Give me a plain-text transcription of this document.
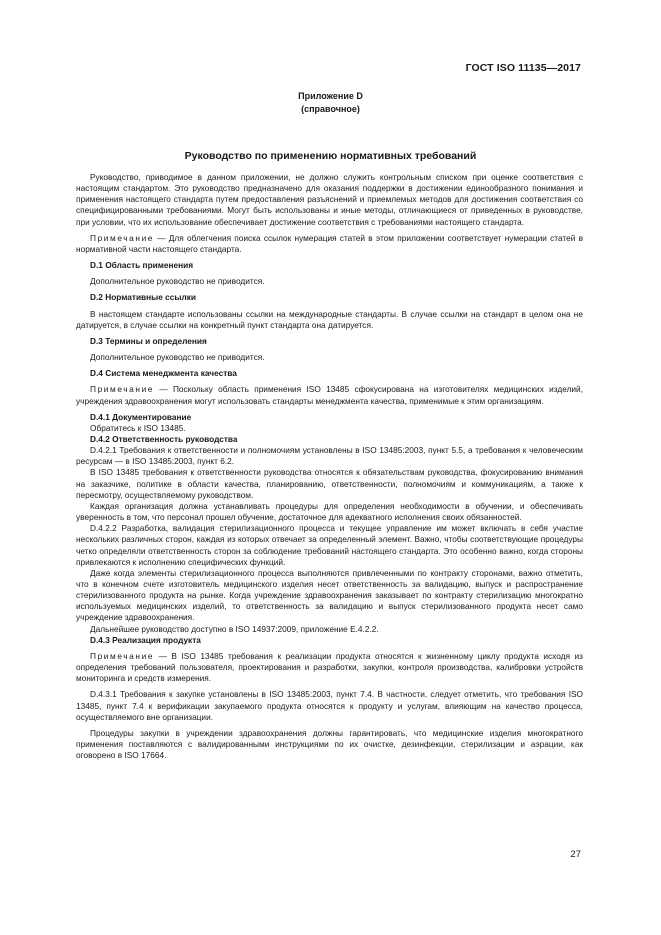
ГОСТ ISO 11135—2017
Приложение D
(справочное)
Руководство по применению нормативных требований

Руководство, приводимое в данном приложении, не должно служить контрольным списком при оценке соответствия с настоящим стандартом. Это руководство предназначено для оказания поддержки в достижении единообразного понимания и применения настоящего стандарта путем предоставления разъяснений и приемлемых методов для достижения соответствия со специфицированными требованиями. Могут быть использованы и иные методы, отличающиеся от приведенных в руководстве, при условии, что их использование обеспечивает достижение соответствия с требованиями настоящего стандарта.

Примечание — Для облегчения поиска ссылок нумерация статей в этом приложении соответствует нумерации статей в нормативной части настоящего стандарта.

D.1 Область применения

Дополнительное руководство не приводится.

D.2 Нормативные ссылки

В настоящем стандарте использованы ссылки на международные стандарты. В случае ссылки на стандарт в целом она не датируется, в случае ссылки на конкретный пункт стандарта она датируется.

D.3 Термины и определения

Дополнительное руководство не приводится.

D.4 Система менеджмента качества

Примечание — Поскольку область применения ISO 13485 сфокусирована на изготовителях медицинских изделий, учреждения здравоохранения могут использовать стандарты менеджмента качества, применимые к этим организациям.

D.4.1 Документирование

Обратитесь к ISO 13485.

D.4.2 Ответственность руководства

D.4.2.1 Требования к ответственности и полномочиям установлены в ISO 13485:2003, пункт 5.5, а требования к человеческим ресурсам — в ISO 13485:2003, пункт 6.2.

В ISO 13485 требования к ответственности руководства относятся к обязательствам руководства, фокусированию внимания на заказчике, политике в области качества, планированию, ответственности, полномочиям и коммуникациям, а также к пересмотру, осуществляемому руководством.

Каждая организация должна устанавливать процедуры для определения необходимости в обучении, и обеспечивать уверенность в том, что персонал прошел обучение, достаточное для адекватного исполнения своих обязанностей.

D.4.2.2 Разработка, валидация стерилизационного процесса и текущее управление им может включать в себя участие нескольких различных сторон, каждая из которых отвечает за определенный элемент. Важно, чтобы соответствующие процедуры четко определяли ответственность сторон за соблюдение требований настоящего стандарта. Это особенно важно, когда стороны привлекаются к исполнению специфических функций.

Даже когда элементы стерилизационного процесса выполняются привлеченными по контракту сторонами, важно отметить, что в конечном счете изготовитель медицинского изделия несет ответственность за валидацию, выпуск и распространение стерилизованного продукта на рынке. Когда учреждение здравоохранения заказывает по контракту стерилизацию многократно используемых медицинских изделий, то ответственность за валидацию и выпуск стерилизованного продукта несет само учреждение здравоохранения.

Дальнейшее руководство доступно в ISO 14937:2009, приложение E.4.2.2.

D.4.3 Реализация продукта

Примечание — В ISO 13485 требования к реализации продукта относятся к жизненному циклу продукта исходя из определения требований пользователя, проектирования и разработки, закупки, контроля производства, калибровки устройств мониторинга и средств измерения.

D.4.3.1 Требования к закупке установлены в ISO 13485:2003, пункт 7.4. В частности, следует отметить, что требования ISO 13485, пункт 7.4 к верификации закупаемого продукта относятся к продукту и услугам, влияющим на качество процесса, осуществляемого вне организации.

Процедуры закупки в учреждении здравоохранения должны гарантировать, что медицинские изделия многократного применения поставляются с валидированными инструкциями по их очистке, дезинфекции, стерилизации и аэрации, как оговорено в ISO 17664.

27
